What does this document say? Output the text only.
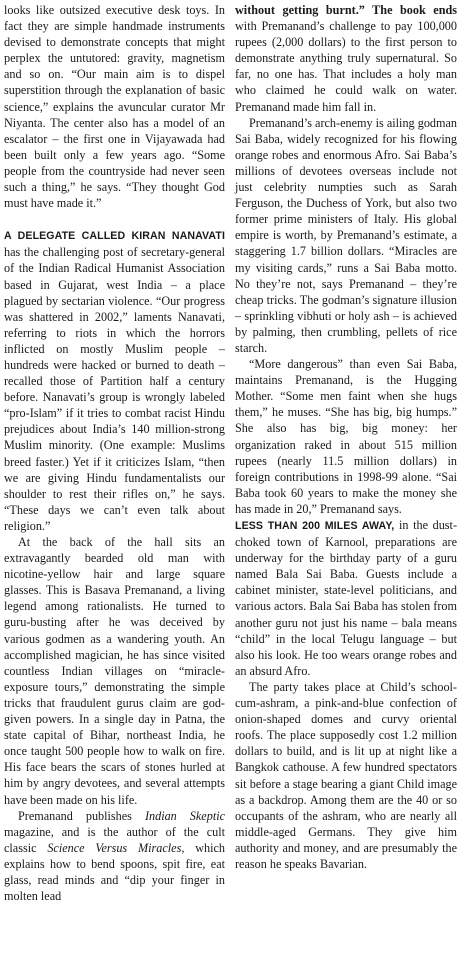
looks like outsized executive desk toys. In fact they are simple handmade instruments devised to demonstrate concepts that might perplex the untutored: gravity, magnetism and so on. “Our main aim is to dispel superstition through the explanation of basic science,” explains the avuncular curator Mr Niyanta. The center also has a model of an escalator – the first one in Vijayawada had been built only a few years ago. “Some people from the countryside had never seen such a thing,” he says. “They thought God must have made it.”

A DELEGATE CALLED KIRAN NANAVATI has the challenging post of secretary-general of the Indian Radical Humanist Association based in Gujarat, west India – a place plagued by sectarian violence. “Our progress was shattered in 2002,” laments Nanavati, referring to riots in which the horrors inflicted on mostly Muslim people – hundreds were hacked or burned to death – recalled those of Partition half a century before. Nanavati’s group is wrongly labeled “pro-Islam” if it tries to combat racist Hindu prejudices about India’s 140 million-strong Muslim minority. (One example: Muslims breed faster.) Yet if it criticizes Islam, “then we are giving Hindu fundamentalists our shoulder to rest their rifles on,” he says. “These days we can’t even talk about religion.”

At the back of the hall sits an extravagantly bearded old man with nicotine-yellow hair and large square glasses. This is Basava Premanand, a living legend among rationalists. He turned to guru-busting after he was deceived by various godmen as a wandering youth. An accomplished magician, he has since visited countless Indian villages on “miracle-exposure tours,” demonstrating the simple tricks that fraudulent gurus claim are god-given powers. In a single day in Patna, the state capital of Bihar, northeast India, he once taught 500 people how to walk on fire. His face bears the scars of stones hurled at him by angry devotees, and several attempts have been made on his life.

Premanand publishes Indian Skeptic magazine, and is the author of the cult classic Science Versus Miracles, which explains how to bend spoons, spit fire, eat glass, read minds and “dip your finger in molten lead

without getting burnt.” The book ends with Premanand’s challenge to pay 100,000 rupees (2,000 dollars) to the first person to demonstrate anything truly supernatural. So far, no one has. That includes a holy man who claimed he could walk on water. Premanand made him fall in.

Premanand’s arch-enemy is ailing godman Sai Baba, widely recognized for his flowing orange robes and enormous Afro. Sai Baba’s millions of devotees overseas include not just celebrity numpties such as Sarah Ferguson, the Duchess of York, but also two former prime ministers of Italy. His global empire is worth, by Premanand’s estimate, a staggering 1.7 billion dollars. “Miracles are my visiting cards,” runs a Sai Baba motto. No they’re not, says Premanand – they’re cheap tricks. The godman’s signature illusion – sprinkling vibhuti or holy ash – is achieved by palming, then crumbling, pellets of rice starch.

“More dangerous” than even Sai Baba, maintains Premanand, is the Hugging Mother. “Some men faint when she hugs them,” he muses. “She has big, big humps.” She also has big, big money: her organization raked in about 515 million rupees (nearly 11.5 million dollars) in foreign contributions in 1998-99 alone. “Sai Baba took 60 years to make the money she has made in 20,” Premanand says.

LESS THAN 200 MILES AWAY, in the dust-choked town of Karnool, preparations are underway for the birthday party of a guru named Bala Sai Baba. Guests include a cabinet minister, state-level politicians, and various actors. Bala Sai Baba has stolen from another guru not just his name – bala means “child” in the local Telugu language – but also his look. He too wears orange robes and an absurd Afro.

The party takes place at Child’s school-cum-ashram, a pink-and-blue confection of onion-shaped domes and curvy oriental roofs. The place supposedly cost 1.2 million dollars to build, and is lit up at night like a Bangkok cathouse. A few hundred spectators sit before a stage bearing a giant Child image as a backdrop. Among them are the 40 or so occupants of the ashram, who are nearly all middle-aged Germans. They give him authority and money, and are presumably the reason he speaks Bavarian.
